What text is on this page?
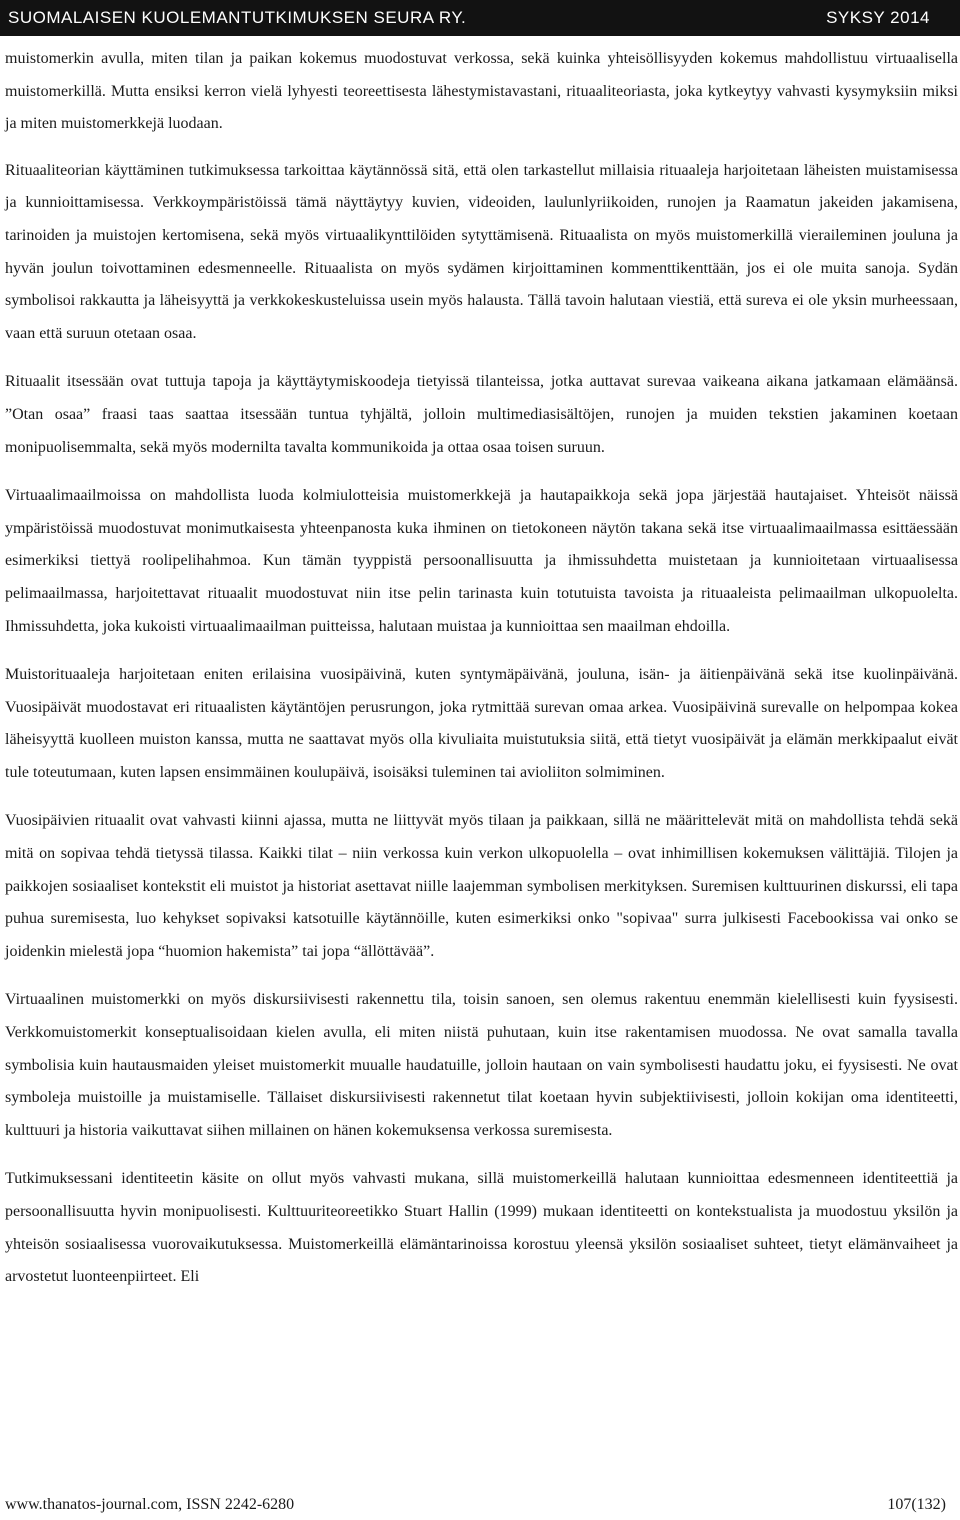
SUOMALAISEN KUOLEMANTUTKIMUKSEN SEURA RY.	SYKSY 2014

muistomerkin avulla, miten tilan ja paikan kokemus muodostuvat verkossa, sekä kuinka yhteisöllisyyden kokemus mahdollistuu virtuaalisella muistomerkillä. Mutta ensiksi kerron vielä lyhyesti teoreettisesta lähestymistavastani, rituaaliteoriasta, joka kytkeytyy vahvasti kysymyksiin miksi ja miten muistomerkkejä luodaan.

Rituaaliteorian käyttäminen tutkimuksessa tarkoittaa käytännössä sitä, että olen tarkastellut millaisia rituaaleja harjoitetaan läheisten muistamisessa ja kunnioittamisessa. Verkkoympäristöissä tämä näyttäytyy kuvien, videoiden, laulunlyriikoiden, runojen ja Raamatun jakeiden jakamisena, tarinoiden ja muistojen kertomisena, sekä myös virtuaalikynttilöiden sytyttämisenä. Rituaalista on myös muistomerkillä vieraileminen jouluna ja hyvän joulun toivottaminen edesmenneelle. Rituaalista on myös sydämen kirjoittaminen kommenttikenttään, jos ei ole muita sanoja. Sydän symbolisoi rakkautta ja läheisyyttä ja verkkokeskusteluissa usein myös halausta. Tällä tavoin halutaan viestiä, että sureva ei ole yksin murheessaan, vaan että suruun otetaan osaa.

Rituaalit itsessään ovat tuttuja tapoja ja käyttäytymiskoodeja tietyissä tilanteissa, jotka auttavat surevaa vaikeana aikana jatkamaan elämäänsä. ”Otan osaa” fraasi taas saattaa itsessään tuntua tyhjältä, jolloin multimediasisältöjen, runojen ja muiden tekstien jakaminen koetaan monipuolisemmalta, sekä myös modernilta tavalta kommunikoida ja ottaa osaa toisen suruun.

Virtuaalimaailmoissa on mahdollista luoda kolmiulotteisia muistomerkkejä ja hautapaikkoja sekä jopa järjestää hautajaiset. Yhteisöt näissä ympäristöissä muodostuvat monimutkaisesta yhteenpanosta kuka ihminen on tietokoneen näytön takana sekä itse virtuaalimaailmassa esittäessään esimerkiksi tiettyä roolipelihahmoa. Kun tämän tyyppistä persoonallisuutta ja ihmissuhdetta muistetaan ja kunnioitetaan virtuaalisessa pelimaailmassa, harjoitettavat rituaalit muodostuvat niin itse pelin tarinasta kuin totutuista tavoista ja rituaaleista pelimaailman ulkopuolelta. Ihmissuhdetta, joka kukoisti virtuaalimaailman puitteissa, halutaan muistaa ja kunnioittaa sen maailman ehdoilla.

Muistorituaaleja harjoitetaan eniten erilaisina vuosipäivinä, kuten syntymäpäivänä, jouluna, isän- ja äitienpäivänä sekä itse kuolinpäivänä. Vuosipäivät muodostavat eri rituaalisten käytäntöjen perusrungon, joka rytmittää surevan omaa arkea. Vuosipäivinä surevalle on helpompaa kokea läheisyyttä kuolleen muiston kanssa, mutta ne saattavat myös olla kivuliaita muistutuksia siitä, että tietyt vuosipäivät ja elämän merkkipaalut eivät tule toteutumaan, kuten lapsen ensimmäinen koulupäivä, isoisäksi tuleminen tai avioliiton solmiminen.

Vuosipäivien rituaalit ovat vahvasti kiinni ajassa, mutta ne liittyvät myös tilaan ja paikkaan, sillä ne määrittelevät mitä on mahdollista tehdä sekä mitä on sopivaa tehdä tietyssä tilassa. Kaikki tilat – niin verkossa kuin verkon ulkopuolella – ovat inhimillisen kokemuksen välittäjiä. Tilojen ja paikkojen sosiaaliset kontekstit eli muistot ja historiat asettavat niille laajemman symbolisen merkityksen. Suremisen kulttuurinen diskurssi, eli tapa puhua suremisesta, luo kehykset sopivaksi katsotuille käytännöille, kuten esimerkiksi onko "sopivaa" surra julkisesti Facebookissa vai onko se joidenkin mielestä jopa “huomion hakemista” tai jopa “ällöttävää”.

Virtuaalinen muistomerkki on myös diskursiivisesti rakennettu tila, toisin sanoen, sen olemus rakentuu enemmän kielellisesti kuin fyysisesti. Verkkomuistomerkit konseptualisoidaan kielen avulla, eli miten niistä puhutaan, kuin itse rakentamisen muodossa. Ne ovat samalla tavalla symbolisia kuin hautausmaiden yleiset muistomerkit muualle haudatuille, jolloin hautaan on vain symbolisesti haudattu joku, ei fyysisesti. Ne ovat symboleja muistoille ja muistamiselle. Tällaiset diskursiivisesti rakennetut tilat koetaan hyvin subjektiivisesti, jolloin kokijan oma identiteetti, kulttuuri ja historia vaikuttavat siihen millainen on hänen kokemuksensa verkossa suremisesta.

Tutkimuksessani identiteetin käsite on ollut myös vahvasti mukana, sillä muistomerkeillä halutaan kunnioittaa edesmenneen identiteettiä ja persoonallisuutta hyvin monipuolisesti. Kulttuuriteoreetikko Stuart Hallin (1999) mukaan identiteetti on kontekstualista ja muodostuu yksilön ja yhteisön sosiaalisessa vuorovaikutuksessa. Muistomerkeillä elämäntarinoissa korostuu yleensä yksilön sosiaaliset suhteet, tietyt elämänvaiheet ja arvostetut luonteenpiirteet. Eli

www.thanatos-journal.com, ISSN 2242-6280	107(132)
